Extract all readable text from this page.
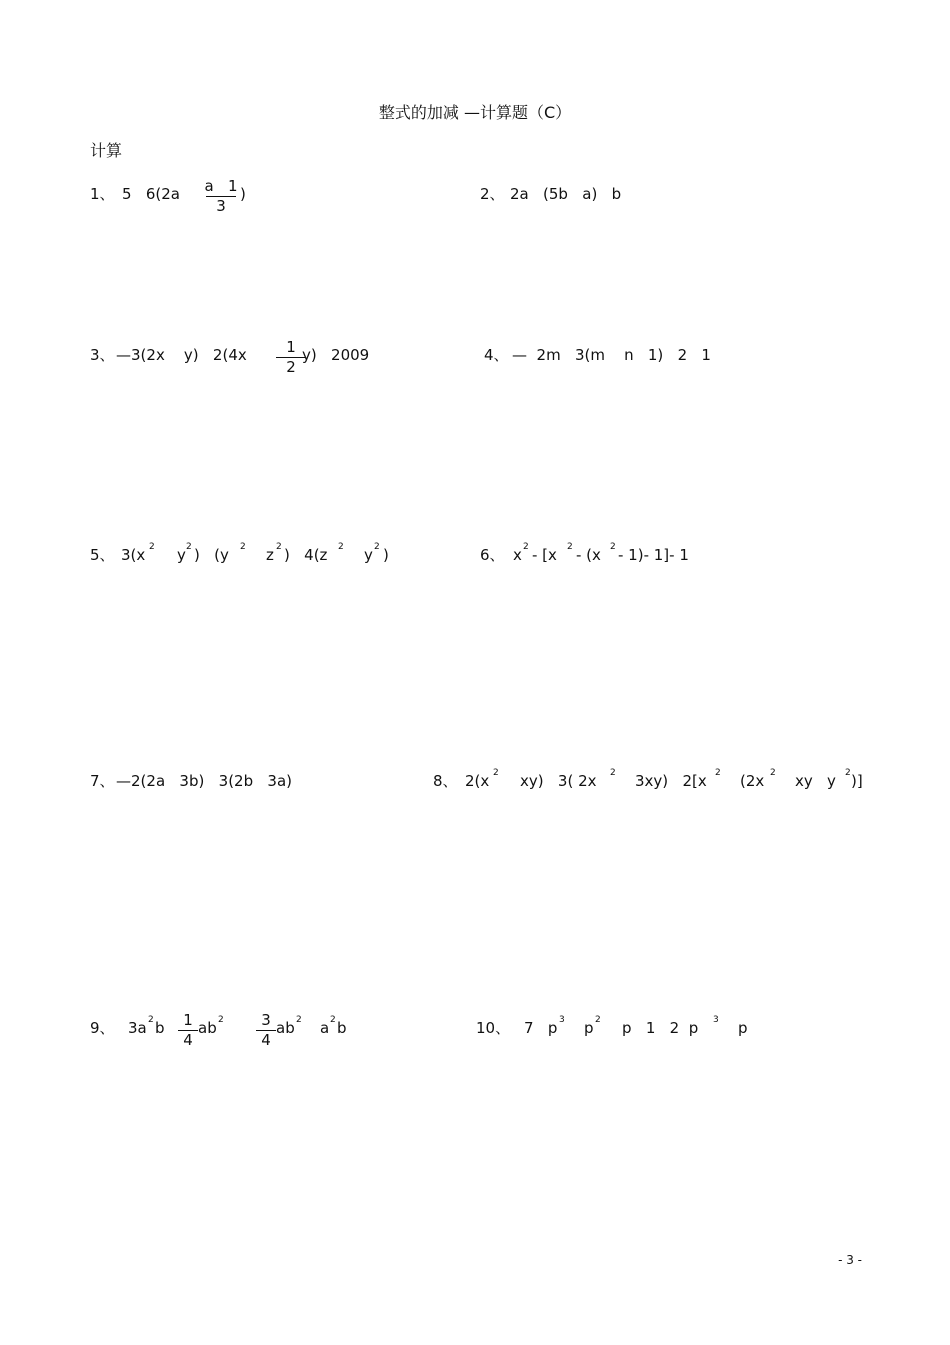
整式的加减 —计算题（C）
计算
1、 5   6(2a a   1
3
)	2、 2a   (5b   a)   b
3、 —3(2x    y)   2(4x	1
2
y)   2009	4、 —  2m   3(m    n   1)   2   1
5、 3(x 2 y 2 )   (y 2 z 2 )   4(z 2 y 2 )	6、 x 2 - [x 2 - (x 2 - 1)- 1]- 1
7、 —2(2a   3b)   3(2b   3a)	8、 2(x 2 xy)   3( 2x 2 3xy)   2[x 2 (2x 2 xy   y 2 )]
9、 3a 2 b	1
4
ab 2	3
4
ab 2 a 2 b	10、 7   p 3 p 2 p   1   2  p 3 p
- 3 -
